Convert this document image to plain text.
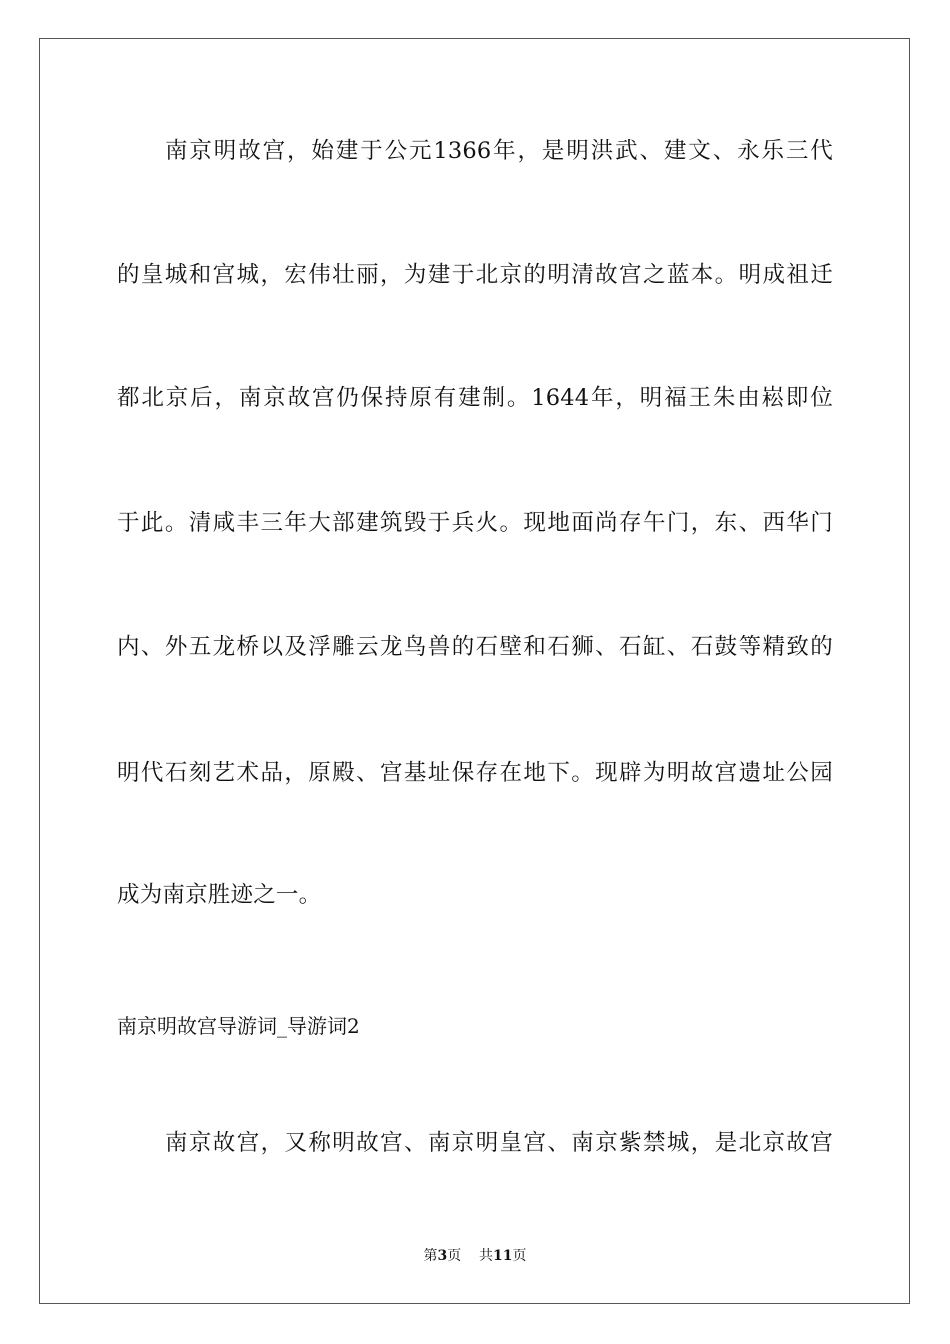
南京明故宫，始建于公元1366年，是明洪武、建文、永乐三代
的皇城和宫城，宏伟壮丽，为建于北京的明清故宫之蓝本。明成祖迁
都北京后，南京故宫仍保持原有建制。1644年，明福王朱由崧即位
于此。清咸丰三年大部建筑毁于兵火。现地面尚存午门，东、西华门
内、外五龙桥以及浮雕云龙鸟兽的石壁和石狮、石缸、石鼓等精致的
明代石刻艺术品，原殿、宫基址保存在地下。现辟为明故宫遗址公园
成为南京胜迹之一。
南京明故宫导游词_导游词2
南京故宫，又称明故宫、南京明皇宫、南京紫禁城，是北京故宫
第3页 共11页
